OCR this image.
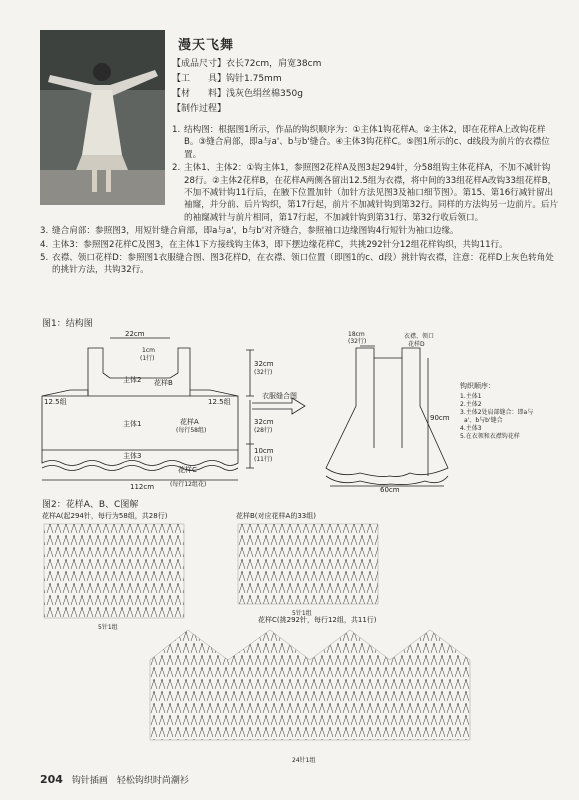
漫天飞舞
【成品尺寸】衣长72cm，肩宽38cm
【工　　具】钩针1.75mm
【材　　料】浅灰色绢丝棉350g
【制作过程】
1. 结构图：根据图1所示，作品的钩织顺序为：①主体1钩花样A。②主体2，即在花样A上改钩花样B。③缝合肩部，即a与a'、b与b'缝合。④主体3钩花样C。⑤图1所示的c、d线段为前片的衣襟位置。
2. 主体1、主体2：①钩主体1，参照图2花样A及图3起294针，分58组钩主体花样A，不加不减针钩28行。②主体2花样B，在花样A两侧各留出12.5组为衣襟，将中间的33组花样A改钩33组花样B，不加不减针钩11行后，在腋下位置加针（加针方法见图3及袖口细节图）。第15、第16行减针留出袖窿，并分前、后片钩织，第17行起，前片不加减针钩到第32行。同样的方法钩另一边前片。后片的袖窿减针与前片相同，第17行起，不加减针钩到第31行、第32行收后领口。
3. 缝合肩部：参照图3，用短针缝合肩部，即a与a'，b与b'对齐缝合，参照袖口边缘图钩4行短针为袖口边缘。
4. 主体3：参照图2花样C及图3，在主体1下方接线钩主体3，即下摆边缘花样C，共挑292针分12组花样钩织，共钩11行。
5. 衣襟、领口花样D：参照图1衣服缝合图、图3花样D，在衣襟、领口位置（即图1的c、d段）挑针钩衣襟，注意：花样D上灰色转角处的挑针方法，共钩32行。
图1：结构图
22cm
1cm
(1行)
主体2 花样B
12.5组	12.5组
主体1	花样A
(每行58组)
主体3
花样C
(每行12组花)
112cm
32cm
(32行)
32cm
(28行)
10cm
(11行)
衣服缝合图
18cm
(32行)
衣襟、领口
花样D
90cm
60cm
钩织顺序：
1.主体1
2.主体2
3.主体2处肩部缝合：即a与
a'、b与b'缝合
4.主体3
5.在衣领和衣襟钩花样
图2：花样A、B、C图解
花样A(起294针，每行为58组，共28行)
5针1组
花样B(对应花样A的33组)
5针1组
花样C(挑292针，每行12组，共11行)
24针1组
204 钩针插画　轻松钩织时尚潮衫
